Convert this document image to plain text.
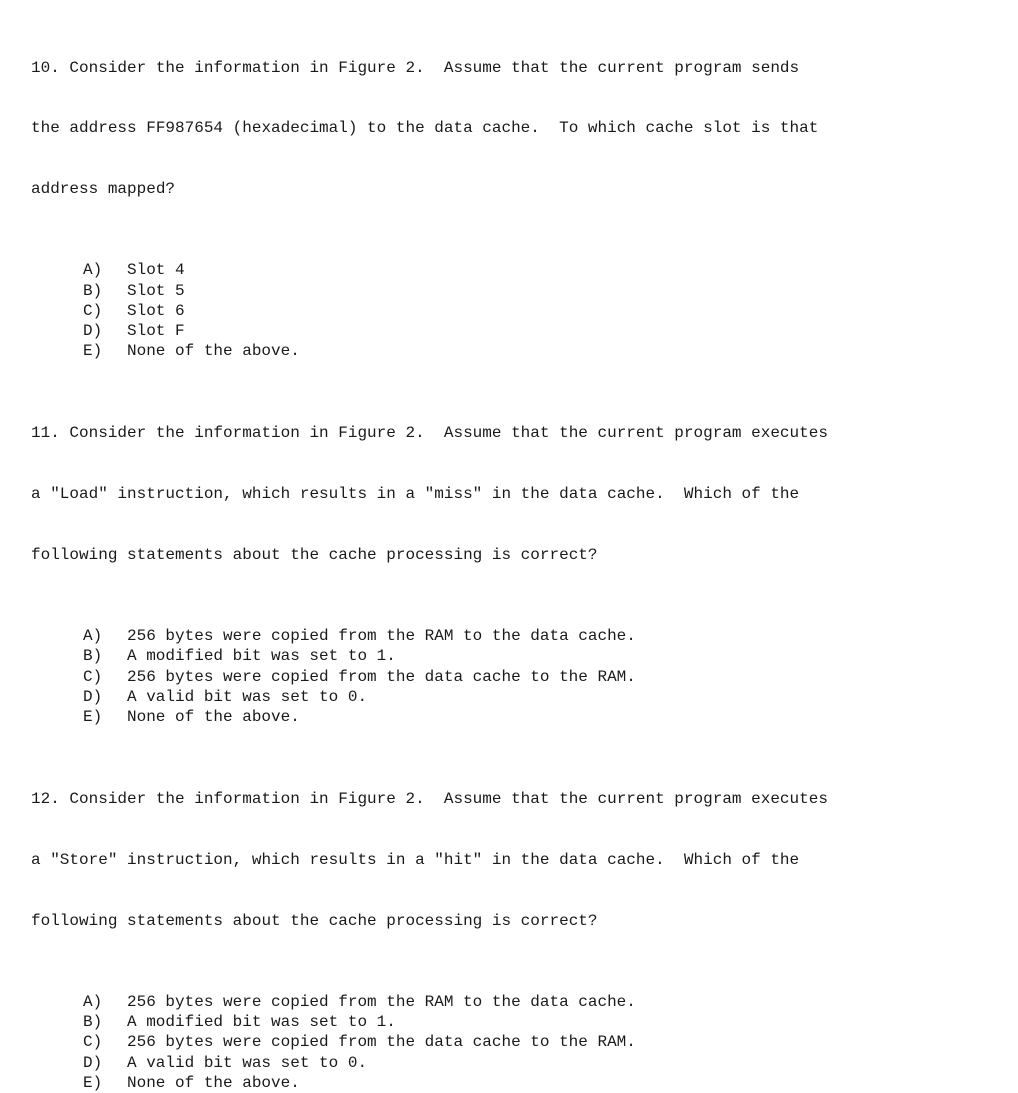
10. Consider the information in Figure 2.  Assume that the current program sends

the address FF987654 (hexadecimal) to the data cache.  To which cache slot is that

address mapped?

A)	Slot 4
B)	Slot 5
C)	Slot 6
D)	Slot F
E)	None of the above.

11. Consider the information in Figure 2.  Assume that the current program executes

a "Load" instruction, which results in a "miss" in the data cache.  Which of the

following statements about the cache processing is correct?

A)	256 bytes were copied from the RAM to the data cache.
B)	A modified bit was set to 1.
C)	256 bytes were copied from the data cache to the RAM.
D)	A valid bit was set to 0.
E)	None of the above.

12. Consider the information in Figure 2.  Assume that the current program executes

a "Store" instruction, which results in a "hit" in the data cache.  Which of the

following statements about the cache processing is correct?

A)	256 bytes were copied from the RAM to the data cache.
B)	A modified bit was set to 1.
C)	256 bytes were copied from the data cache to the RAM.
D)	A valid bit was set to 0.
E)	None of the above.
